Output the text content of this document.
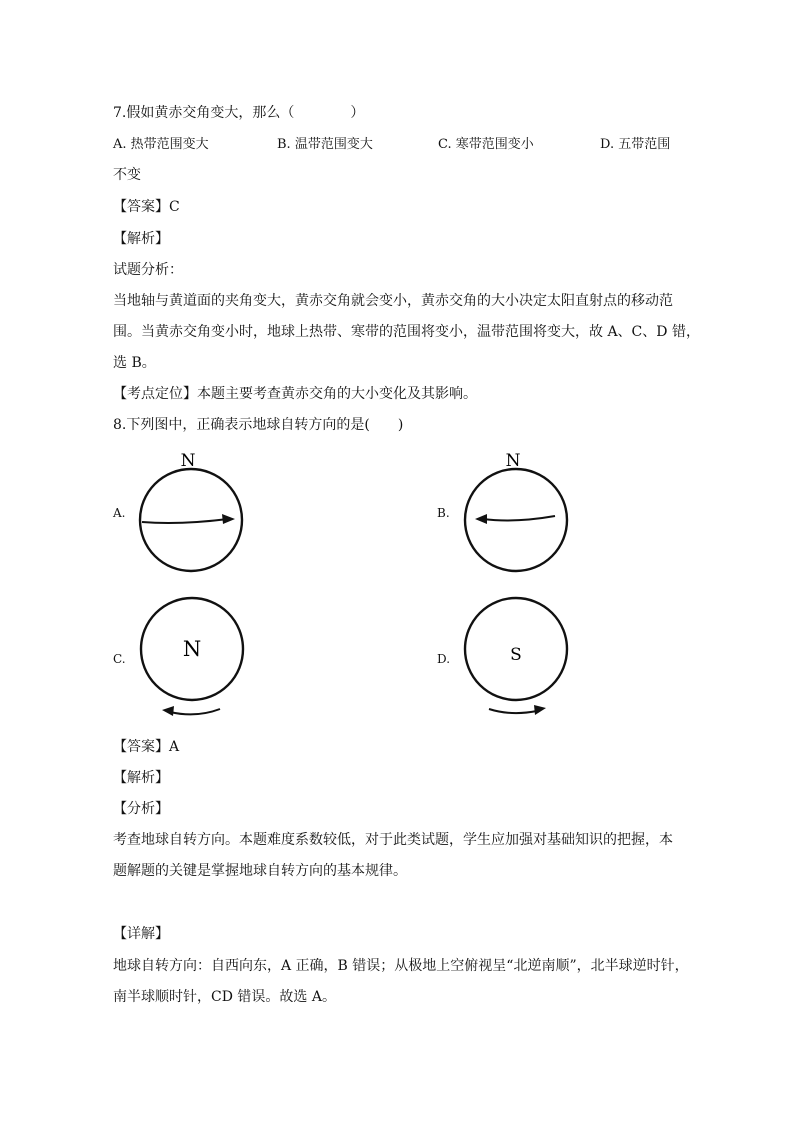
7.假如黄赤交角变大，那么（　　　　）
A. 热带范围变大	B. 温带范围变大	C. 寒带范围变小	D. 五带范围
不变
【答案】C
【解析】
试题分析：
当地轴与黄道面的夹角变大，黄赤交角就会变小，黄赤交角的大小决定太阳直射点的移动范
围。当黄赤交角变小时，地球上热带、寒带的范围将变小，温带范围将变大，故 A、C、D 错，
选 B。
【考点定位】本题主要考查黄赤交角的大小变化及其影响。
8.下列图中，正确表示地球自转方向的是(　　)
A.
N
B.
N
C.	N	D.	S
【答案】A
【解析】
【分析】
考查地球自转方向。本题难度系数较低，对于此类试题，学生应加强对基础知识的把握，本
题解题的关键是掌握地球自转方向的基本规律。
【详解】
地球自转方向：自西向东，A 正确，B 错误；从极地上空俯视呈“北逆南顺”，北半球逆时针，
南半球顺时针，CD 错误。故选 A。
